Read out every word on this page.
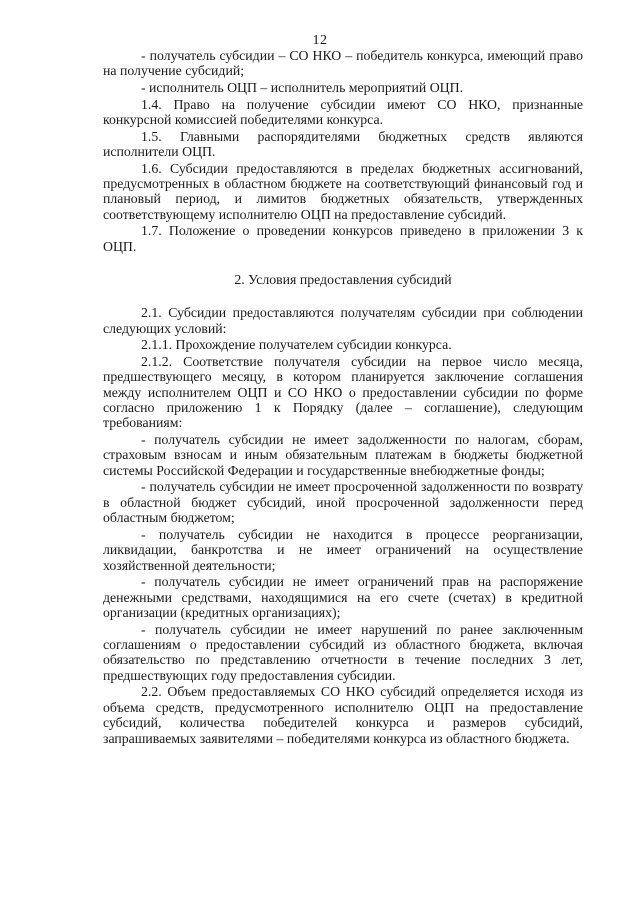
12

- получатель субсидии – СО НКО – победитель конкурса, имеющий право на получение субсидий;

- исполнитель ОЦП – исполнитель мероприятий ОЦП.

1.4. Право на получение субсидии имеют СО НКО, признанные конкурсной комиссией победителями конкурса.

1.5. Главными распорядителями бюджетных средств являются исполнители ОЦП.

1.6. Субсидии предоставляются в пределах бюджетных ассигнований, предусмотренных в областном бюджете на соответствующий финансовый год и плановый период, и лимитов бюджетных обязательств, утвержденных соответствующему исполнителю ОЦП на предоставление субсидий.

1.7. Положение о проведении конкурсов приведено в приложении 3 к ОЦП.

2. Условия предоставления субсидий

2.1. Субсидии предоставляются получателям субсидии при соблюдении следующих условий:

2.1.1. Прохождение получателем субсидии конкурса.

2.1.2. Соответствие получателя субсидии на первое число месяца, предшествующего месяцу, в котором планируется заключение соглашения между исполнителем ОЦП и СО НКО о предоставлении субсидии по форме согласно приложению 1 к Порядку (далее – соглашение), следующим требованиям:

- получатель субсидии не имеет задолженности по налогам, сборам, страховым взносам и иным обязательным платежам в бюджеты бюджетной системы Российской Федерации и государственные внебюджетные фонды;

- получатель субсидии не имеет просроченной задолженности по возврату в областной бюджет субсидий, иной просроченной задолженности перед областным бюджетом;

- получатель субсидии не находится в процессе реорганизации, ликвидации, банкротства и не имеет ограничений на осуществление хозяйственной деятельности;

- получатель субсидии не имеет ограничений прав на распоряжение денежными средствами, находящимися на его счете (счетах) в кредитной организации (кредитных организациях);

- получатель субсидии не имеет нарушений по ранее заключенным соглашениям о предоставлении субсидий из областного бюджета, включая обязательство по представлению отчетности в течение последних 3 лет, предшествующих году предоставления субсидии.

2.2. Объем предоставляемых СО НКО субсидий определяется исходя из объема средств, предусмотренного исполнителю ОЦП на предоставление субсидий, количества победителей конкурса и размеров субсидий, запрашиваемых заявителями – победителями конкурса из областного бюджета.
